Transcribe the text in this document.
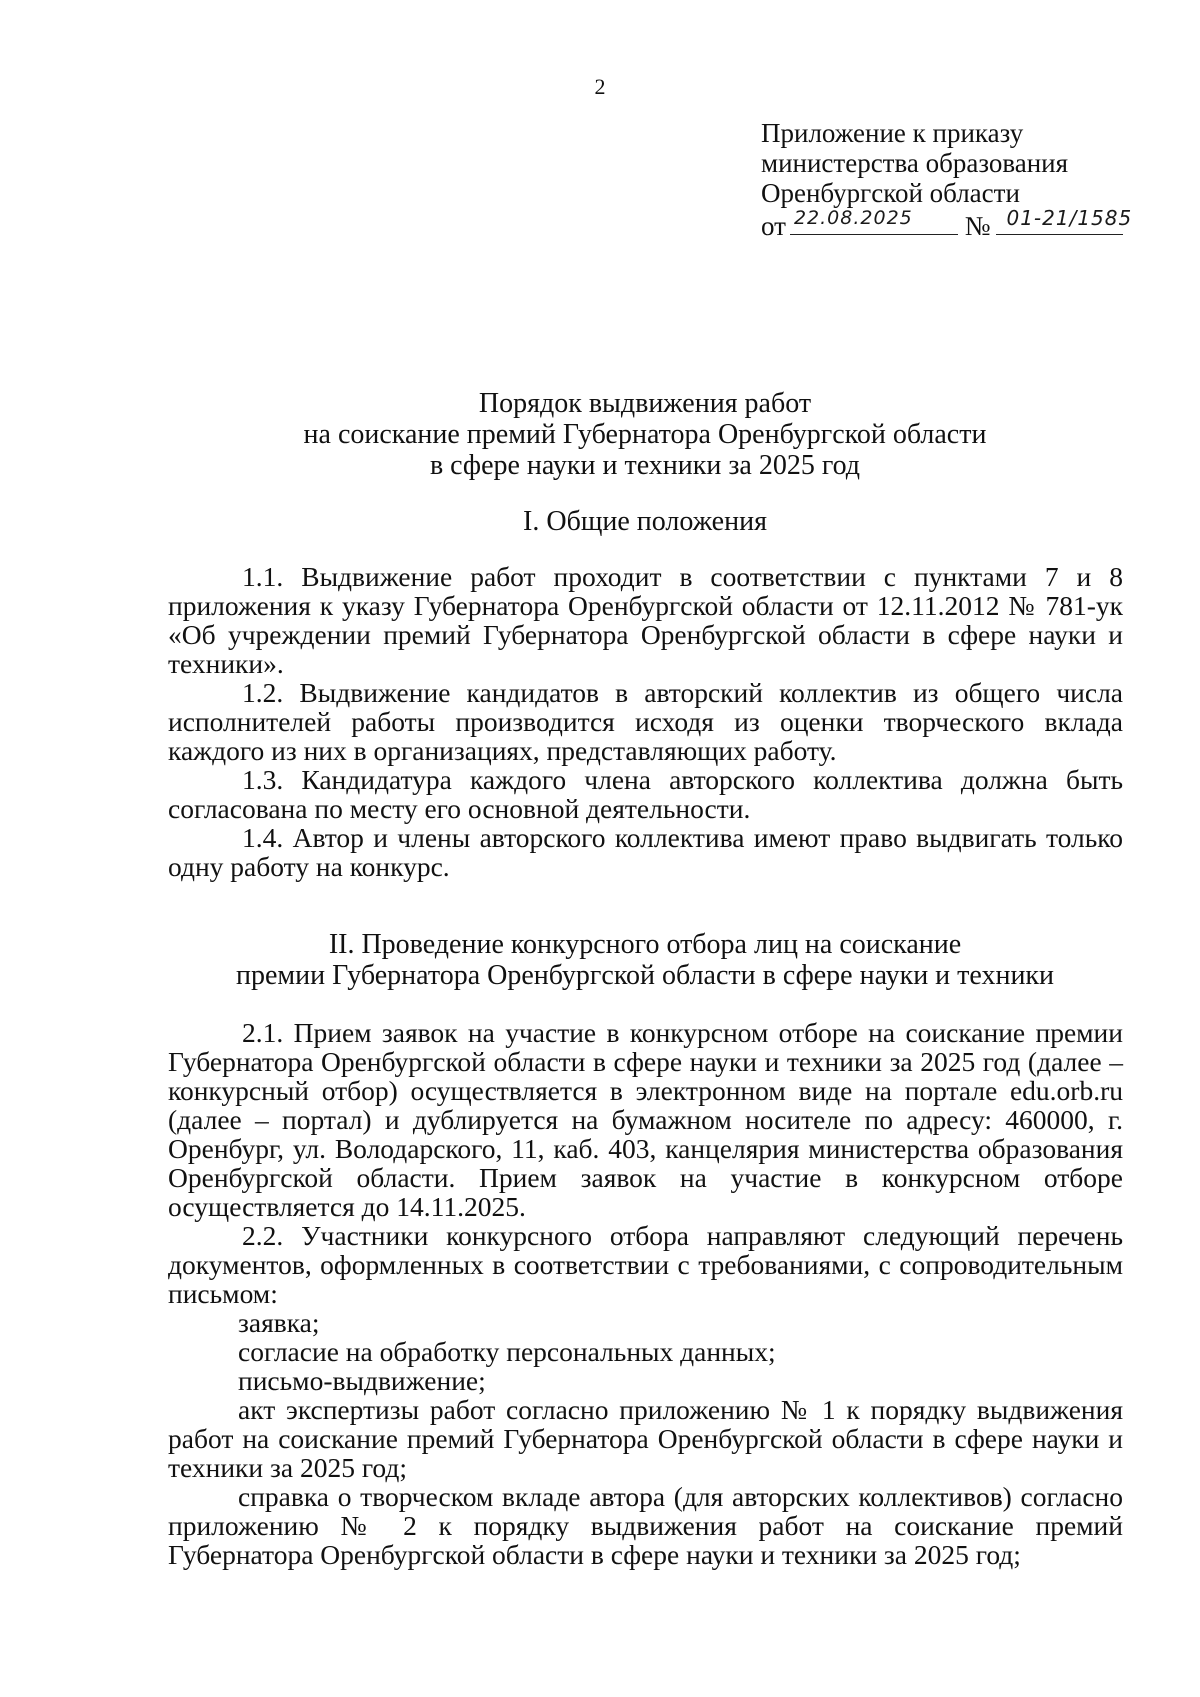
2
Приложение к приказу
министерства образования
Оренбургской области
от 22.08.2025 № 01-21/1585
Порядок выдвижения работ
на соискание премий Губернатора Оренбургской области
в сфере науки и техники за 2025 год
I. Общие положения

1.1. Выдвижение работ проходит в соответствии с пунктами 7 и 8 приложения к указу Губернатора Оренбургской области от 12.11.2012 № 781-ук «Об учреждении премий Губернатора Оренбургской области в сфере науки и техники».

1.2. Выдвижение кандидатов в авторский коллектив из общего числа исполнителей работы производится исходя из оценки творческого вклада каждого из них в организациях, представляющих работу.

1.3. Кандидатура каждого члена авторского коллектива должна быть согласована по месту его основной деятельности.

1.4. Автор и члены авторского коллектива имеют право выдвигать только одну работу на конкурс.

II. Проведение конкурсного отбора лиц на соискание
премии Губернатора Оренбургской области в сфере науки и техники

2.1. Прием заявок на участие в конкурсном отборе на соискание премии Губернатора Оренбургской области в сфере науки и техники за 2025 год (далее – конкурсный отбор) осуществляется в электронном виде на портале edu.orb.ru (далее – портал) и дублируется на бумажном носителе по адресу: 460000, г. Оренбург, ул. Володарского, 11, каб. 403, канцелярия министерства образования Оренбургской области. Прием заявок на участие в конкурсном отборе осуществляется до 14.11.2025.

2.2. Участники конкурсного отбора направляют следующий перечень документов, оформленных в соответствии с требованиями, с сопроводительным письмом:

заявка;

согласие на обработку персональных данных;

письмо-выдвижение;

акт экспертизы работ согласно приложению № 1 к порядку выдвижения работ на соискание премий Губернатора Оренбургской области в сфере науки и техники за 2025 год;

справка о творческом вкладе автора (для авторских коллективов) согласно приложению № 2 к порядку выдвижения работ на соискание премий Губернатора Оренбургской области в сфере науки и техники за 2025 год;
